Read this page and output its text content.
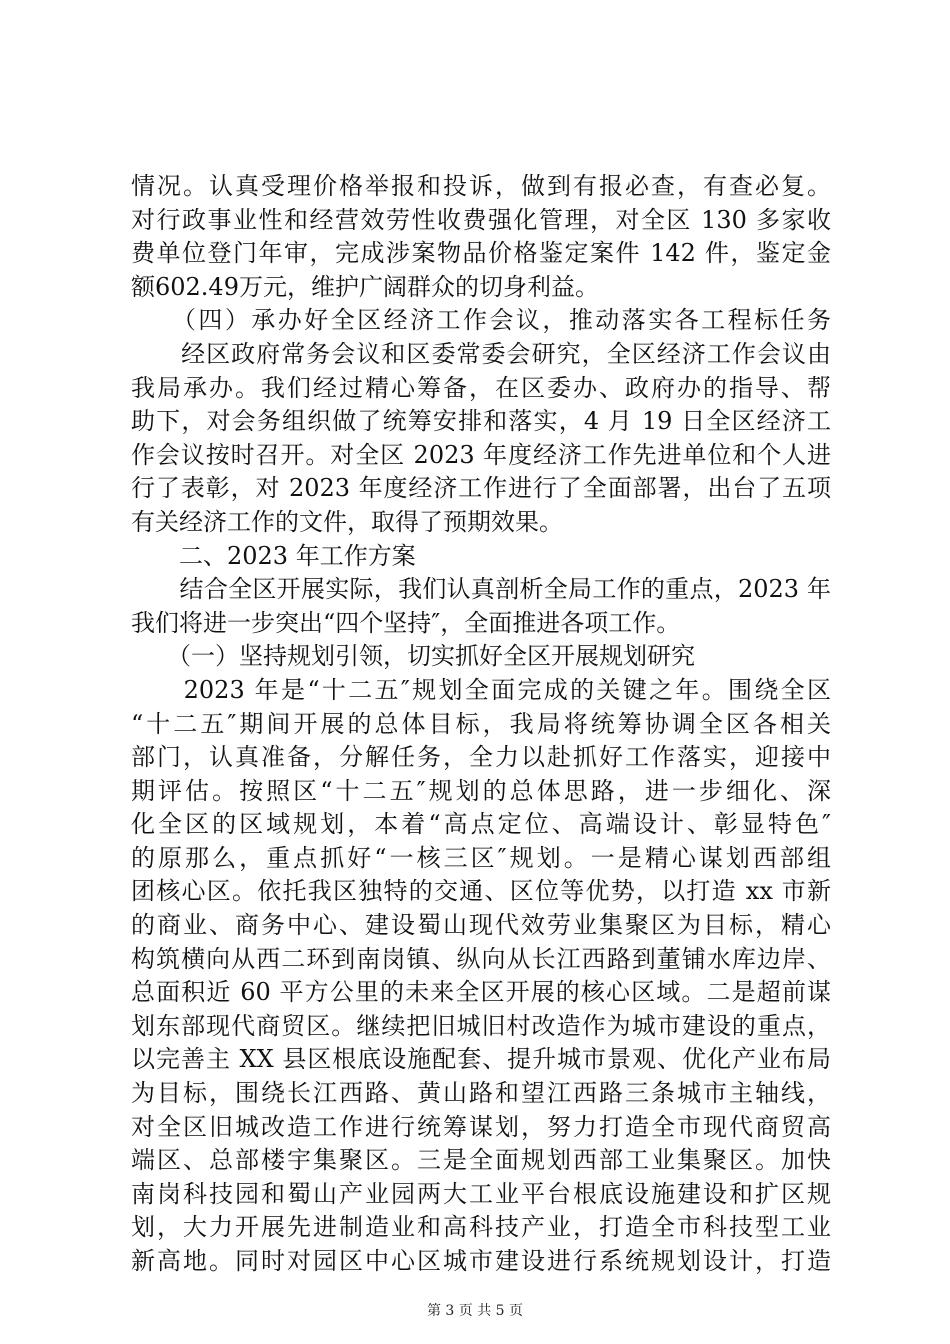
情况。认真受理价格举报和投诉，做到有报必查，有查必复。
对行政事业性和经营效劳性收费强化管理，对全区 130 多家收
费单位登门年审，完成涉案物品价格鉴定案件 142 件，鉴定金
额602.49万元，维护广阔群众的切身利益。
　　（四）承办好全区经济工作会议，推动落实各工程标任务
　　经区政府常务会议和区委常委会研究，全区经济工作会议由
我局承办。我们经过精心筹备，在区委办、政府办的指导、帮
助下，对会务组织做了统筹安排和落实，4 月 19 日全区经济工
作会议按时召开。对全区 2023 年度经济工作先进单位和个人进
行了表彰，对 2023 年度经济工作进行了全面部署，出台了五项
有关经济工作的文件，取得了预期效果。
　　二、2023 年工作方案
　　结合全区开展实际，我们认真剖析全局工作的重点，2023 年
我们将进一步突出“四个坚持″，全面推进各项工作。
　　（一）坚持规划引领，切实抓好全区开展规划研究
　　2023 年是“十二五″规划全面完成的关键之年。围绕全区
“十二五″期间开展的总体目标，我局将统筹协调全区各相关
部门，认真准备，分解任务，全力以赴抓好工作落实，迎接中
期评估。按照区“十二五″规划的总体思路，进一步细化、深
化全区的区域规划，本着“高点定位、高端设计、彰显特色″
的原那么，重点抓好“一核三区″规划。一是精心谋划西部组
团核心区。依托我区独特的交通、区位等优势，以打造 xx 市新
的商业、商务中心、建设蜀山现代效劳业集聚区为目标，精心
构筑横向从西二环到南岗镇、纵向从长江西路到董铺水库边岸、
总面积近 60 平方公里的未来全区开展的核心区域。二是超前谋
划东部现代商贸区。继续把旧城旧村改造作为城市建设的重点，
以完善主 XX 县区根底设施配套、提升城市景观、优化产业布局
为目标，围绕长江西路、黄山路和望江西路三条城市主轴线，
对全区旧城改造工作进行统筹谋划，努力打造全市现代商贸高
端区、总部楼宇集聚区。三是全面规划西部工业集聚区。加快
南岗科技园和蜀山产业园两大工业平台根底设施建设和扩区规
划，大力开展先进制造业和高科技产业，打造全市科技型工业
新高地。同时对园区中心区城市建设进行系统规划设计，打造
第 3 页 共 5 页
